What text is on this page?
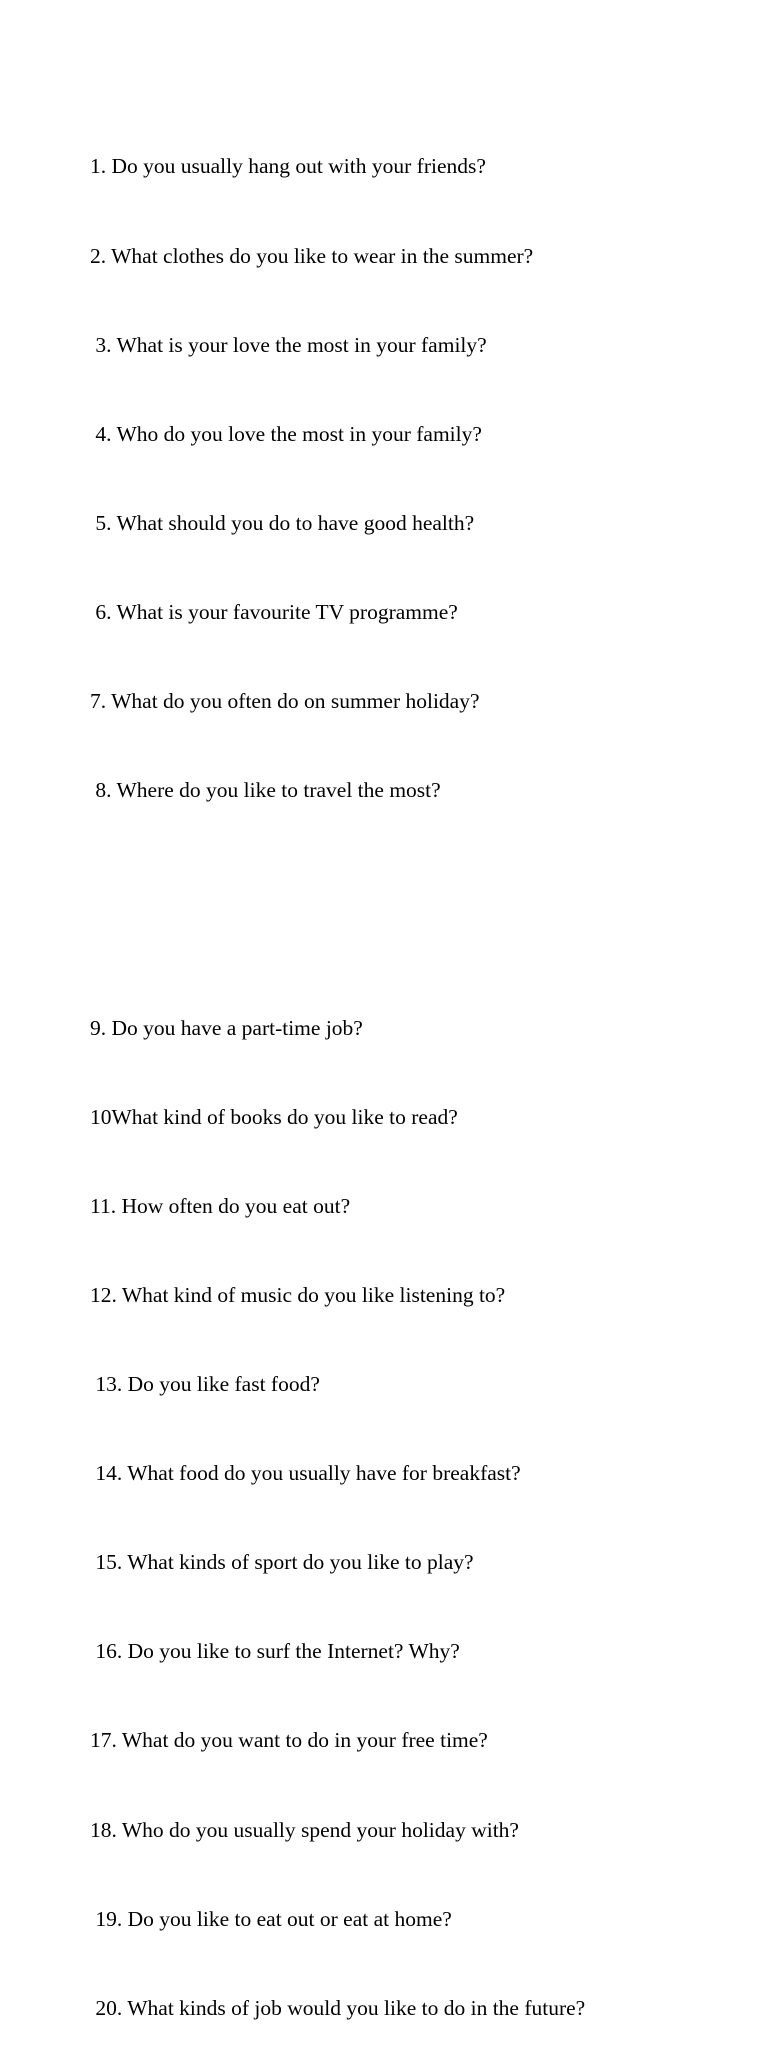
1. Do you usually hang out with your friends?

2. What clothes do you like to wear in the summer?

3. What is your love the most in your family?

4. Who do you love the most in your family?

5. What should you do to have good health?

6. What is your favourite TV programme?

7. What do you often do on summer holiday?

8. Where do you like to travel the most?

9. Do you have a part-time job?

10What kind of books do you like to read?

11. How often do you eat out?

12. What kind of music do you like listening to?

13. Do you like fast food?

14. What food do you usually have for breakfast?

15. What kinds of sport do you like to play?

16. Do you like to surf the Internet? Why?

17. What do you want to do in your free time?

18. Who do you usually spend your holiday with?

19. Do you like to eat out or eat at home?

20. What kinds of job would you like to do in the future?
